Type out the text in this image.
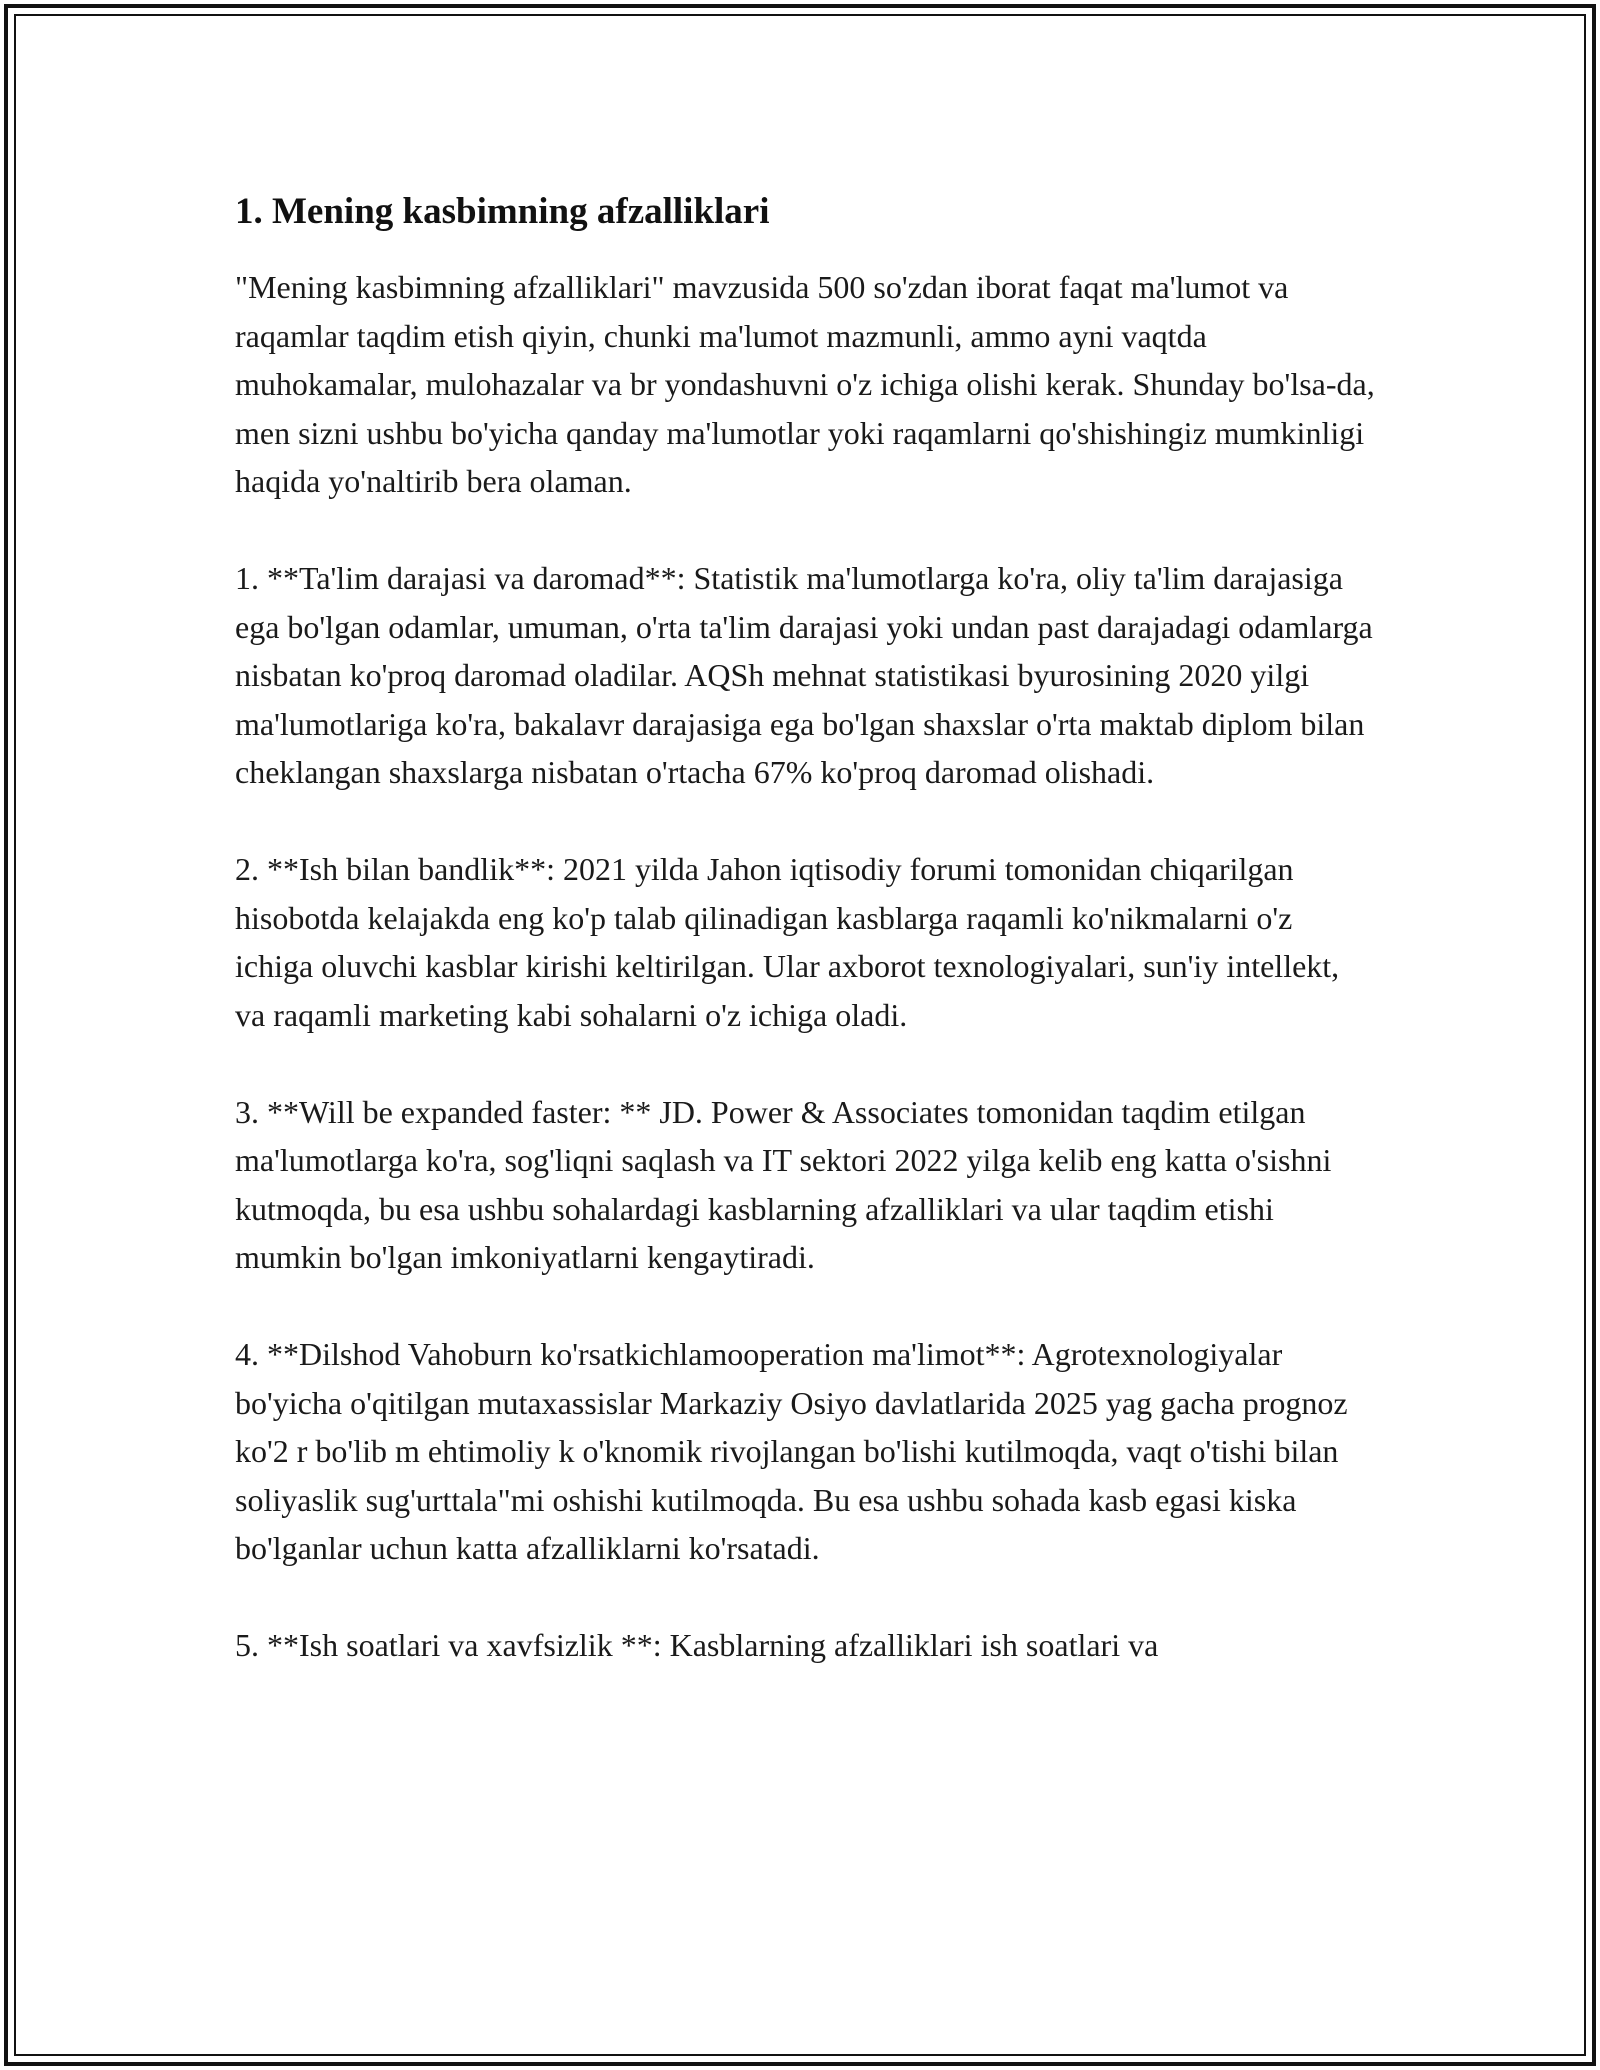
1. Mening kasbimning afzalliklari

"Mening kasbimning afzalliklari" mavzusida 500 so'zdan iborat faqat ma'lumot va raqamlar taqdim etish qiyin, chunki ma'lumot mazmunli, ammo ayni vaqtda muhokamalar, mulohazalar va br yondashuvni o'z ichiga olishi kerak. Shunday bo'lsa-da, men sizni ushbu bo'yicha qanday ma'lumotlar yoki raqamlarni qo'shishingiz mumkinligi haqida yo'naltirib bera olaman.

1. **Ta'lim darajasi va daromad**: Statistik ma'lumotlarga ko'ra, oliy ta'lim darajasiga ega bo'lgan odamlar, umuman, o'rta ta'lim darajasi yoki undan past darajadagi odamlarga nisbatan ko'proq daromad oladilar. AQSh mehnat statistikasi byurosining 2020 yilgi ma'lumotlariga ko'ra, bakalavr darajasiga ega bo'lgan shaxslar o'rta maktab diplom bilan cheklangan shaxslarga nisbatan o'rtacha 67% ko'proq daromad olishadi.

2. **Ish bilan bandlik**: 2021 yilda Jahon iqtisodiy forumi tomonidan chiqarilgan hisobotda kelajakda eng ko'p talab qilinadigan kasblarga raqamli ko'nikmalarni o'z ichiga oluvchi kasblar kirishi keltirilgan. Ular axborot texnologiyalari, sun'iy intellekt, va raqamli marketing kabi sohalarni o'z ichiga oladi.

3. **Will be expanded faster: ** JD. Power & Associates tomonidan taqdim etilgan ma'lumotlarga ko'ra, sog'liqni saqlash va IT sektori 2022 yilga kelib eng katta o'sishni kutmoqda, bu esa ushbu sohalardagi kasblarning afzalliklari va ular taqdim etishi mumkin bo'lgan imkoniyatlarni kengaytiradi.

4. **Dilshod Vahoburn ko'rsatkichlamooperation ma'limot**: Agrotexnologiyalar bo'yicha o'qitilgan mutaxassislar Markaziy Osiyo davlatlarida 2025 yag gacha prognoz ko'2 r bo'lib m ehtimoliy k o'knomik rivojlangan bo'lishi kutilmoqda, vaqt o'tishi bilan soliyaslik sug'urttala"mi oshishi kutilmoqda. Bu esa ushbu sohada kasb egasi kiska bo'lganlar uchun katta afzalliklarni ko'rsatadi.

5. **Ish soatlari va xavfsizlik **: Kasblarning afzalliklari ish soatlari va
